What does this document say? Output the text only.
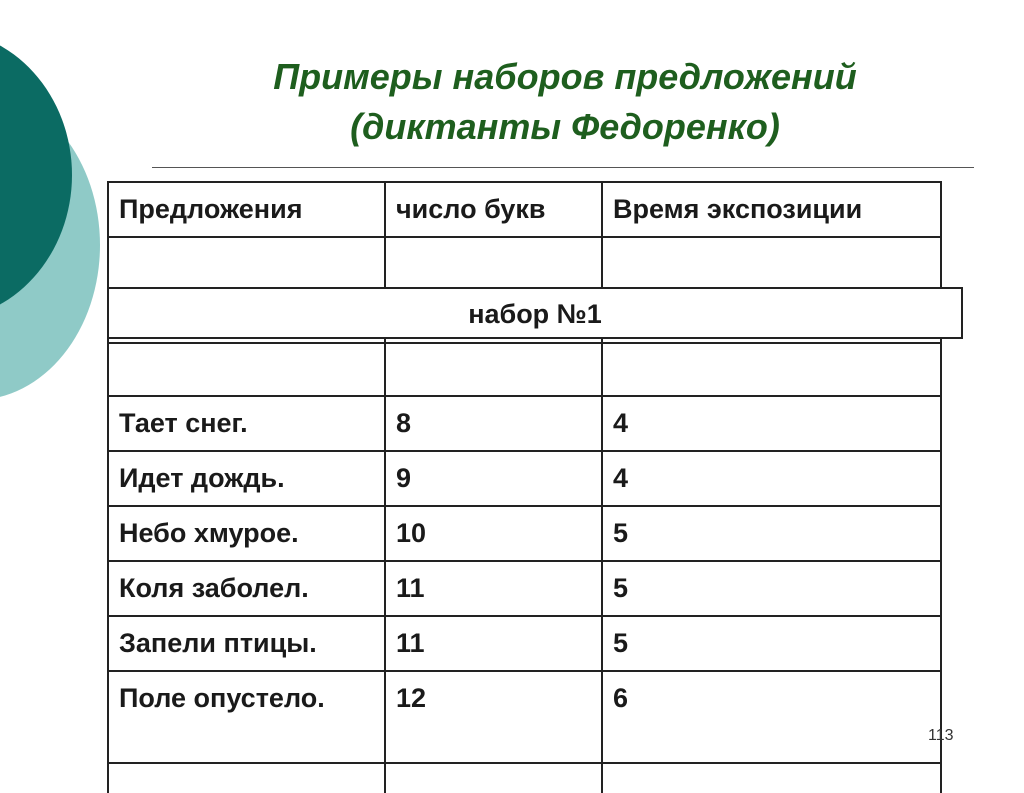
Примеры наборов предложений
(диктанты Федоренко)
Предложения	число букв	Время экспозиции

Тает снег.	8	4
Идет дождь.	9	4
Небо хмурое.	10	5
Коля заболел.	11	5
Запели птицы.	11	5
Поле опустело.	12	6

набор №1
113
